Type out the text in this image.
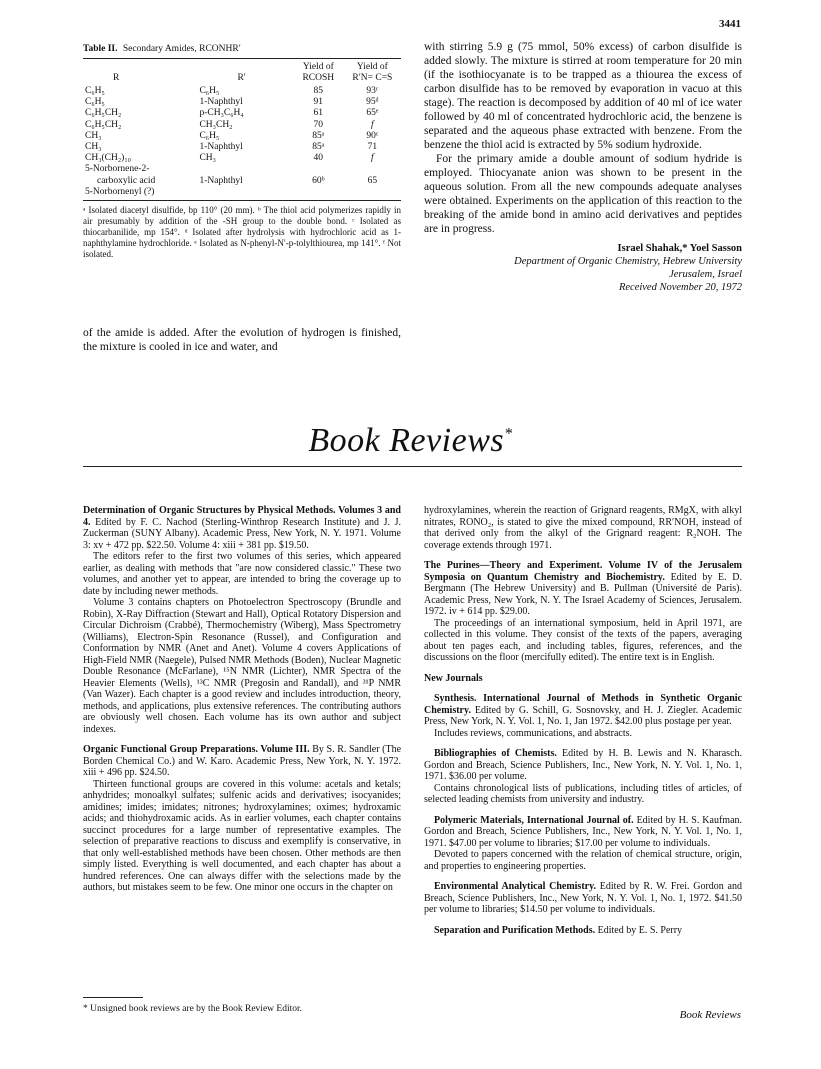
3441
Table II. Secondary Amides, RCONHR′
R	R′	Yield of RCOSH	Yield of R′N= C=S

C₆H₅	C₆H₅	85	93ᶜ
C₆H₅	1-Naphthyl	91	95ᵈ
C₆H₅CH₂	p-CH₃C₆H₄	61	65ᵉ
C₆H₅CH₂	CH₃CH₂	70	f
CH₃	C₆H₅	85ᵃ	90ᶜ
CH₃	1-Naphthyl	85ᵃ	71
CH₃(CH₂)₁₀	CH₃	40	f
5-Norbornene-2-			
carboxylic acid	1-Naphthyl	60ᵇ	65
5-Norbornenyl (?)			
ᵃ Isolated diacetyl disulfide, bp 110° (20 mm). ᵇ The thiol acid polymerizes rapidly in air presumably by addition of the -SH group to the double bond. ᶜ Isolated as thiocarbanilide, mp 154°. ᵈ Isolated after hydrolysis with hydrochloric acid as 1-naphthylamine hydrochloride. ᵉ Isolated as N-phenyl-N′-p-tolylthiourea, mp 141°. ᶠ Not isolated.
of the amide is added. After the evolution of hydrogen is finished, the mixture is cooled in ice and water, and
with stirring 5.9 g (75 mmol, 50% excess) of carbon disulfide is added slowly. The mixture is stirred at room temperature for 20 min (if the isothiocyanate is to be trapped as a thiourea the excess of carbon disulfide has to be removed by evaporation in vacuo at this stage). The reaction is decomposed by addition of 40 ml of ice water followed by 40 ml of concentrated hydrochloric acid, the benzene is separated and the aqueous phase extracted with benzene. From the benzene the thiol acid is extracted by 5% sodium hydroxide.
For the primary amide a double amount of sodium hydride is employed. Thiocyanate anion was shown to be present in the aqueous solution. From all the new compounds adequate analyses were obtained. Experiments on the application of this reaction to the breaking of the amide bond in amino acid derivatives and peptides are in progress.
Israel Shahak,* Yoel Sasson
Department of Organic Chemistry, Hebrew University
Jerusalem, Israel
Received November 20, 1972
Book Reviews*

Determination of Organic Structures by Physical Methods. Volumes 3 and 4. Edited by F. C. Nachod (Sterling-Winthrop Research Institute) and J. J. Zuckerman (SUNY Albany). Academic Press, New York, N. Y. 1971. Volume 3: xv + 472 pp. $22.50. Volume 4: xiii + 381 pp. $19.50.

The editors refer to the first two volumes of this series, which appeared earlier, as dealing with methods that "are now considered classic." These two volumes, and another yet to appear, are intended to bring the coverage up to date by including newer methods.

Volume 3 contains chapters on Photoelectron Spectroscopy (Brundle and Robin), X-Ray Diffraction (Stewart and Hall), Optical Rotatory Dispersion and Circular Dichroism (Crabbé), Thermochemistry (Wiberg), Mass Spectrometry (Williams), Electron-Spin Resonance (Russel), and Configuration and Conformation by NMR (Anet and Anet). Volume 4 covers Applications of High-Field NMR (Naegele), Pulsed NMR Methods (Boden), Nuclear Magnetic Double Resonance (McFarlane), ¹⁵N NMR (Lichter), NMR Spectra of the Heavier Elements (Wells), ¹³C NMR (Pregosin and Randall), and ³¹P NMR (Van Wazer). Each chapter is a good review and includes introduction, theory, methods, and applications, plus extensive references. The contributing authors are obviously well chosen. Each volume has its own author and subject indexes.

Organic Functional Group Preparations. Volume III. By S. R. Sandler (The Borden Chemical Co.) and W. Karo. Academic Press, New York, N. Y. 1972. xiii + 496 pp. $24.50.

Thirteen functional groups are covered in this volume: acetals and ketals; anhydrides; monoalkyl sulfates; sulfenic acids and derivatives; isocyanides; amidines; imides; imidates; nitrones; hydroxylamines; oximes; hydroxamic acids; and thiohydroxamic acids. As in earlier volumes, each chapter contains succinct procedures for a large number of representative examples. The selection of preparative reactions to discuss and exemplify is conservative, in that only well-established methods have been chosen. Other methods are then simply listed. Everything is well documented, and each chapter has about a hundred references. One can always differ with the selections made by the authors, but mistakes seem to be few. One minor one occurs in the chapter on

hydroxylamines, wherein the reaction of Grignard reagents, RMgX, with alkyl nitrates, RONO₂, is stated to give the mixed compound, RR′NOH, instead of that derived only from the alkyl of the Grignard reagent: R₂NOH. The coverage extends through 1971.

The Purines—Theory and Experiment. Volume IV of the Jerusalem Symposia on Quantum Chemistry and Biochemistry. Edited by E. D. Bergmann (The Hebrew University) and B. Pullman (Université de Paris). Academic Press, New York, N. Y. The Israel Academy of Sciences, Jerusalem. 1972. iv + 614 pp. $29.00.

The proceedings of an international symposium, held in April 1971, are collected in this volume. They consist of the texts of the papers, averaging about ten pages each, and including tables, figures, references, and the discussions on the floor (mercifully edited). The entire text is in English.

New Journals

Synthesis. International Journal of Methods in Synthetic Organic Chemistry. Edited by G. Schill, G. Sosnovsky, and H. J. Ziegler. Academic Press, New York, N. Y. Vol. 1, No. 1, Jan 1972. $42.00 plus postage per year.

Includes reviews, communications, and abstracts.

Bibliographies of Chemists. Edited by H. B. Lewis and N. Kharasch. Gordon and Breach, Science Publishers, Inc., New York, N. Y. Vol. 1, No. 1, 1971. $36.00 per volume.

Contains chronological lists of publications, including titles of articles, of selected leading chemists from university and industry.

Polymeric Materials, International Journal of. Edited by H. S. Kaufman. Gordon and Breach, Science Publishers, Inc., New York, N. Y. Vol. 1, No. 1, 1971. $47.00 per volume to libraries; $17.00 per volume to individuals.

Devoted to papers concerned with the relation of chemical structure, origin, and properties to engineering properties.

Environmental Analytical Chemistry. Edited by R. W. Frei. Gordon and Breach, Science Publishers, Inc., New York, N. Y. Vol. 1, No. 1, 1972. $41.50 per volume to libraries; $14.50 per volume to individuals.

Separation and Purification Methods. Edited by E. S. Perry

* Unsigned book reviews are by the Book Review Editor.	Book Reviews
